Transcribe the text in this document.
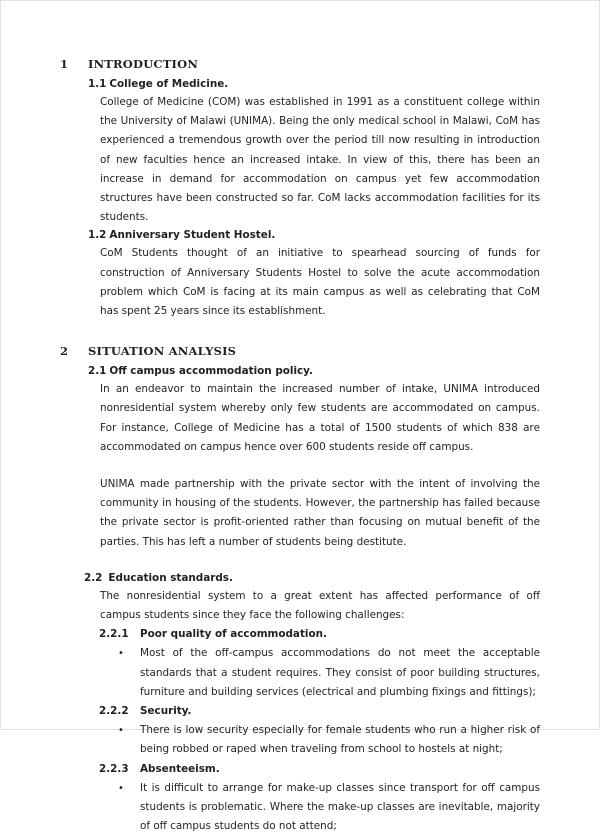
1	INTRODUCTION
1.1 College of Medicine.
College of Medicine (COM) was established in 1991 as a constituent college within the University of Malawi (UNIMA). Being the only medical school in Malawi, CoM has experienced a tremendous growth over the period till now resulting in introduction of new faculties hence an increased intake. In view of this, there has been an increase in demand for accommodation on campus yet few accommodation structures have been constructed so far. CoM lacks accommodation facilities for its students.
1.2 Anniversary Student Hostel.
CoM Students thought of an initiative to spearhead sourcing of funds for construction of Anniversary Students Hostel to solve the acute accommodation problem which CoM is facing at its main campus as well as celebrating that CoM has spent 25 years since its establishment.
2	SITUATION ANALYSIS
2.1 Off campus accommodation policy.
In an endeavor to maintain the increased number of intake, UNIMA introduced nonresidential system whereby only few students are accommodated on campus. For instance, College of Medicine has a total of 1500 students of which 838 are accommodated on campus hence over 600 students reside off campus.
UNIMA made partnership with the private sector with the intent of involving the community in housing of the students. However, the partnership has failed because the private sector is profit-oriented rather than focusing on mutual benefit of the parties. This has left a number of students being destitute.
2.2 Education standards.
The nonresidential system to a great extent has affected performance of off campus students since they face the following challenges:
2.2.1	Poor quality of accommodation.
•	Most of the off-campus accommodations do not meet the acceptable standards that a student requires. They consist of poor building structures, furniture and building services (electrical and plumbing fixings and fittings);
2.2.2	Security.
•	There is low security especially for female students who run a higher risk of being robbed or raped when traveling from school to hostels at night;
2.2.3	Absenteeism.
•	It is difficult to arrange for make-up classes since transport for off campus students is problematic. Where the make-up classes are inevitable, majority of off campus students do not attend;
